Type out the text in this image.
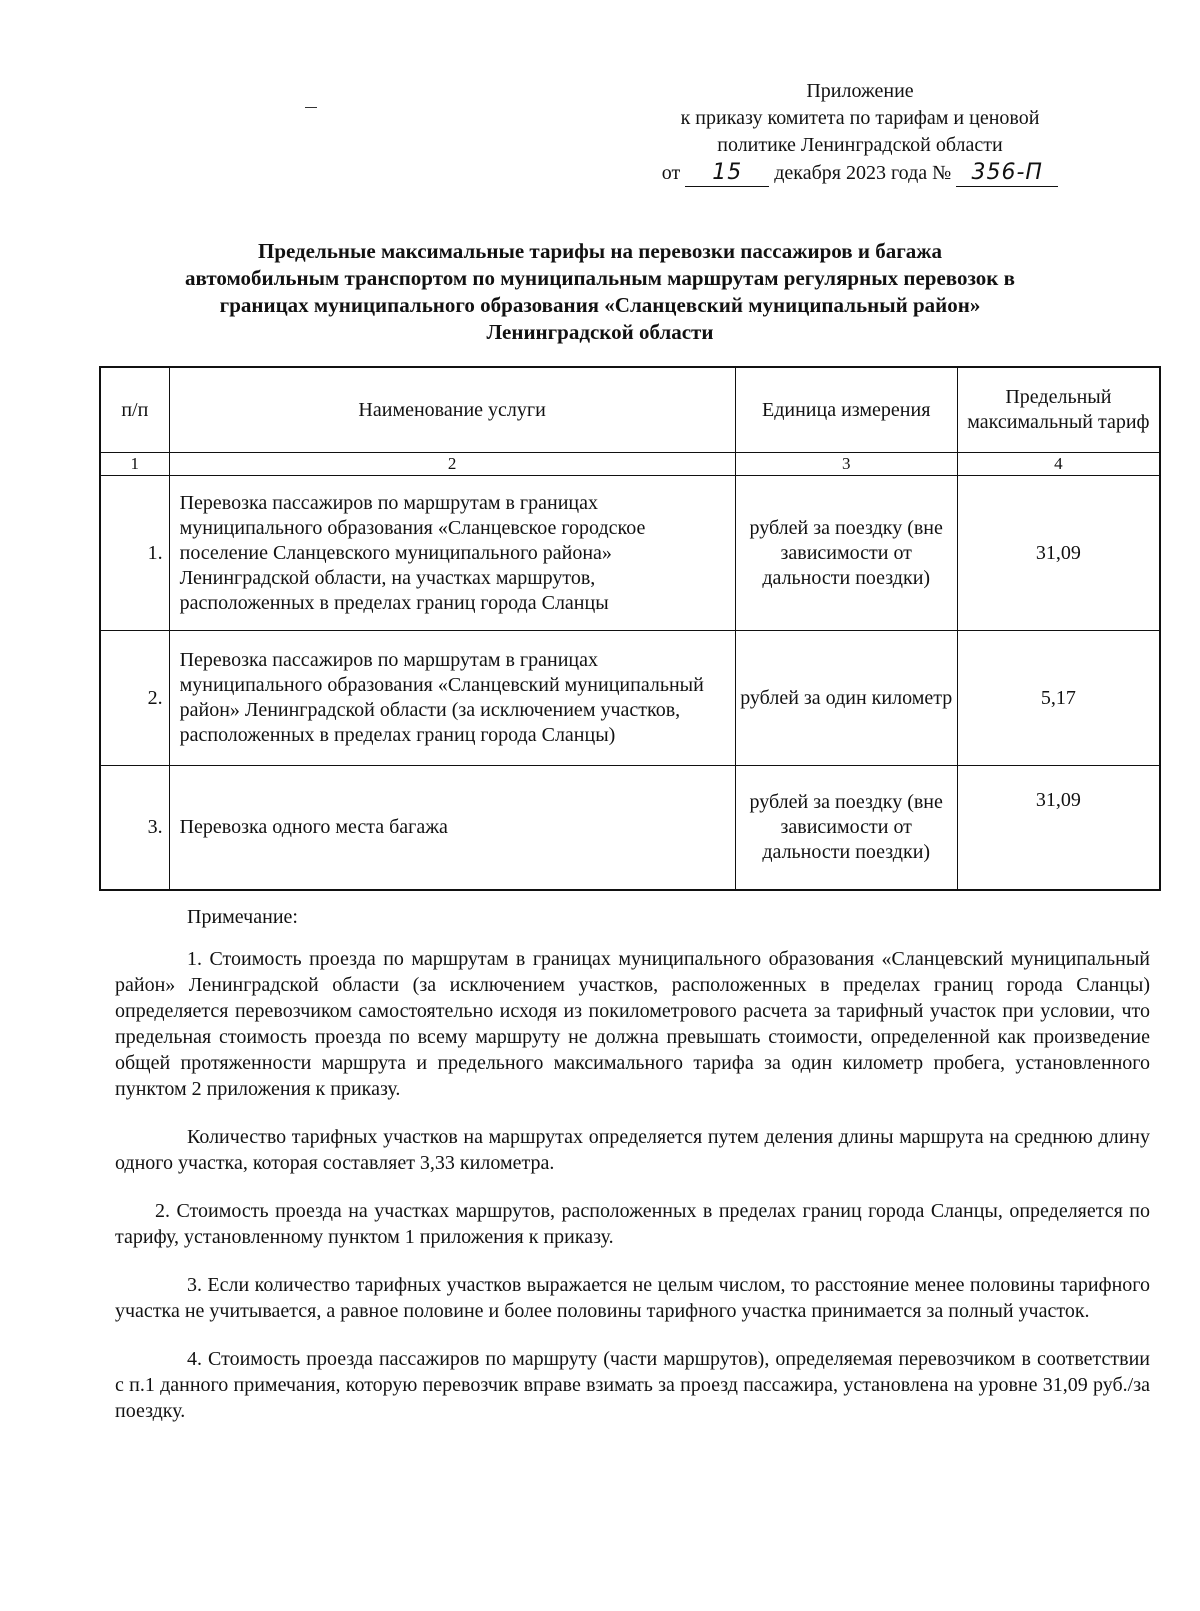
Приложение
к приказу комитета по тарифам и ценовой
политике Ленинградской области
от 15 декабря 2023 года № 356-П
Предельные максимальные тарифы на перевозки пассажиров и багажа
автомобильным транспортом по муниципальным маршрутам регулярных перевозок в
границах муниципального образования «Сланцевский муниципальный район»
Ленинградской области
п/п	Наименование услуги	Единица измерения	Предельный максимальный тариф
1	2	3	4
1.	Перевозка пассажиров по маршрутам в границах муниципального образования «Сланцевское городское поселение Сланцевского муниципального района» Ленинградской области, на участках маршрутов, расположенных в пределах границ города Сланцы	рублей за поездку (вне зависимости от дальности поездки)	31,09
2.	Перевозка пассажиров по маршрутам в границах муниципального образования «Сланцевский муниципальный район» Ленинградской области (за исключением участков, расположенных в пределах границ города Сланцы)	рублей за один километр	5,17
3.	Перевозка одного места багажа	рублей за поездку (вне зависимости от дальности поездки)	31,09

Примечание:

1. Стоимость проезда по маршрутам в границах муниципального образования «Сланцевский муниципальный район» Ленинградской области (за исключением участков, расположенных в пределах границ города Сланцы) определяется перевозчиком самостоятельно исходя из покилометрового расчета за тарифный участок при условии, что предельная стоимость проезда по всему маршруту не должна превышать стоимости, определенной как произведение общей протяженности маршрута и предельного максимального тарифа за один километр пробега, установленного пунктом 2 приложения к приказу.

Количество тарифных участков на маршрутах определяется путем деления длины маршрута на среднюю длину одного участка, которая составляет 3,33 километра.

2. Стоимость проезда на участках маршрутов, расположенных в пределах границ города Сланцы, определяется по тарифу, установленному пунктом 1 приложения к приказу.

3. Если количество тарифных участков выражается не целым числом, то расстояние менее половины тарифного участка не учитывается, а равное половине и более половины тарифного участка принимается за полный участок.

4. Стоимость проезда пассажиров по маршруту (части маршрутов), определяемая перевозчиком в соответствии с п.1 данного примечания, которую перевозчик вправе взимать за проезд пассажира, установлена на уровне 31,09 руб./за поездку.
